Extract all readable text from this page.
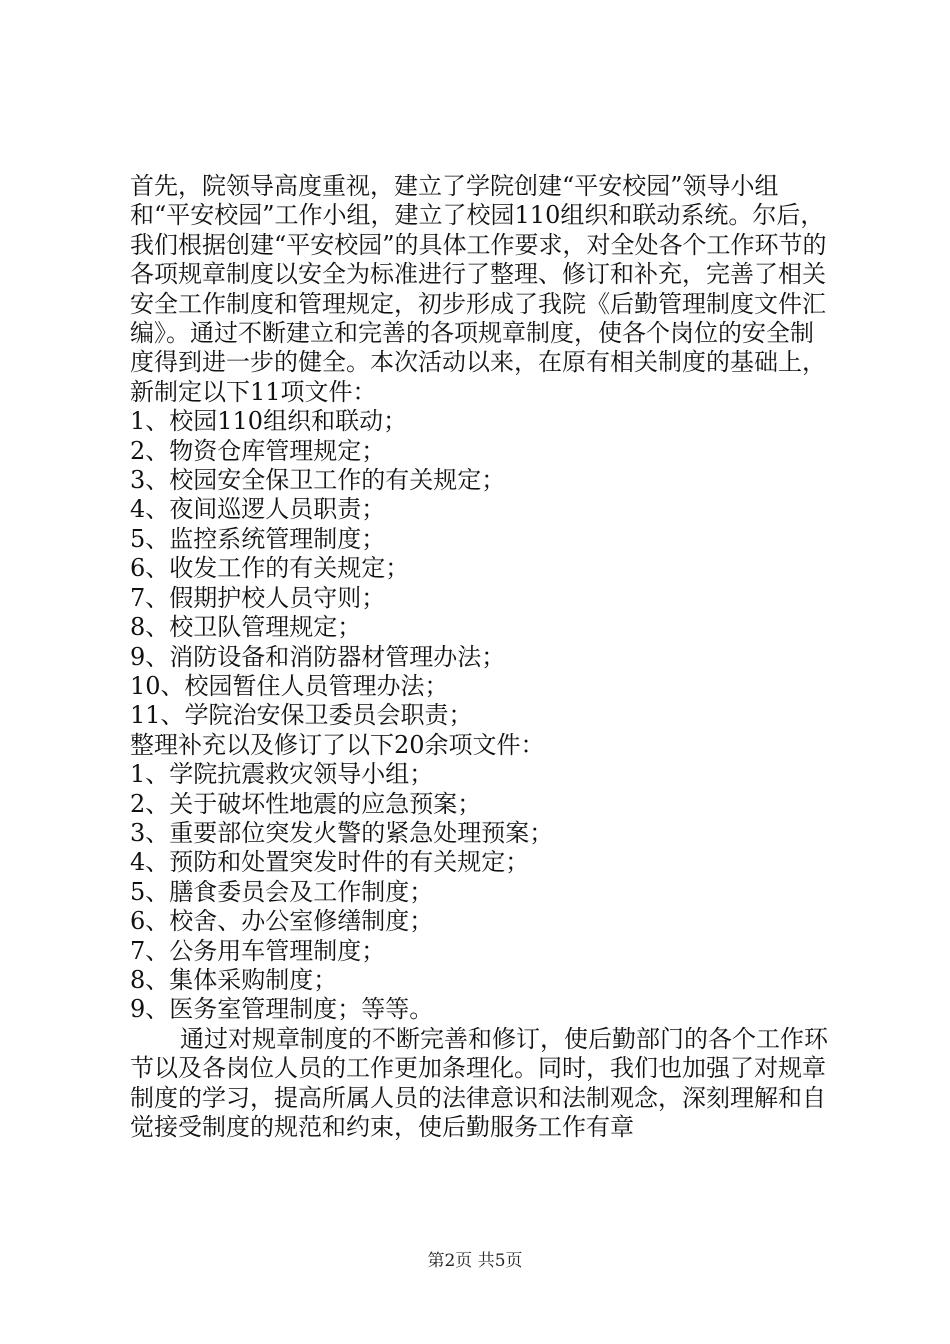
首先，院领导高度重视，建立了学院创建“平安校园”领导小组和“平安校园”工作小组，建立了校园110组织和联动系统。尔后，我们根据创建“平安校园”的具体工作要求，对全处各个工作环节的各项规章制度以安全为标准进行了整理、修订和补充，完善了相关安全工作制度和管理规定，初步形成了我院《后勤管理制度文件汇编》。通过不断建立和完善的各项规章制度，使各个岗位的安全制度得到进一步的健全。本次活动以来，在原有相关制度的基础上，新制定以下11项文件：

1、校园110组织和联动；

2、物资仓库管理规定；

3、校园安全保卫工作的有关规定；

4、夜间巡逻人员职责；

5、监控系统管理制度；

6、收发工作的有关规定；

7、假期护校人员守则；

8、校卫队管理规定；

9、消防设备和消防器材管理办法；

10、校园暂住人员管理办法；

11、学院治安保卫委员会职责；

整理补充以及修订了以下20余项文件：

1、学院抗震救灾领导小组；

2、关于破坏性地震的应急预案；

3、重要部位突发火警的紧急处理预案；

4、预防和处置突发时件的有关规定；

5、膳食委员会及工作制度；

6、校舍、办公室修缮制度；

7、公务用车管理制度；

8、集体采购制度；

9、医务室管理制度；等等。

通过对规章制度的不断完善和修订，使后勤部门的各个工作环节以及各岗位人员的工作更加条理化。同时，我们也加强了对规章制度的学习，提高所属人员的法律意识和法制观念，深刻理解和自觉接受制度的规范和约束，使后勤服务工作有章

第2页 共5页
